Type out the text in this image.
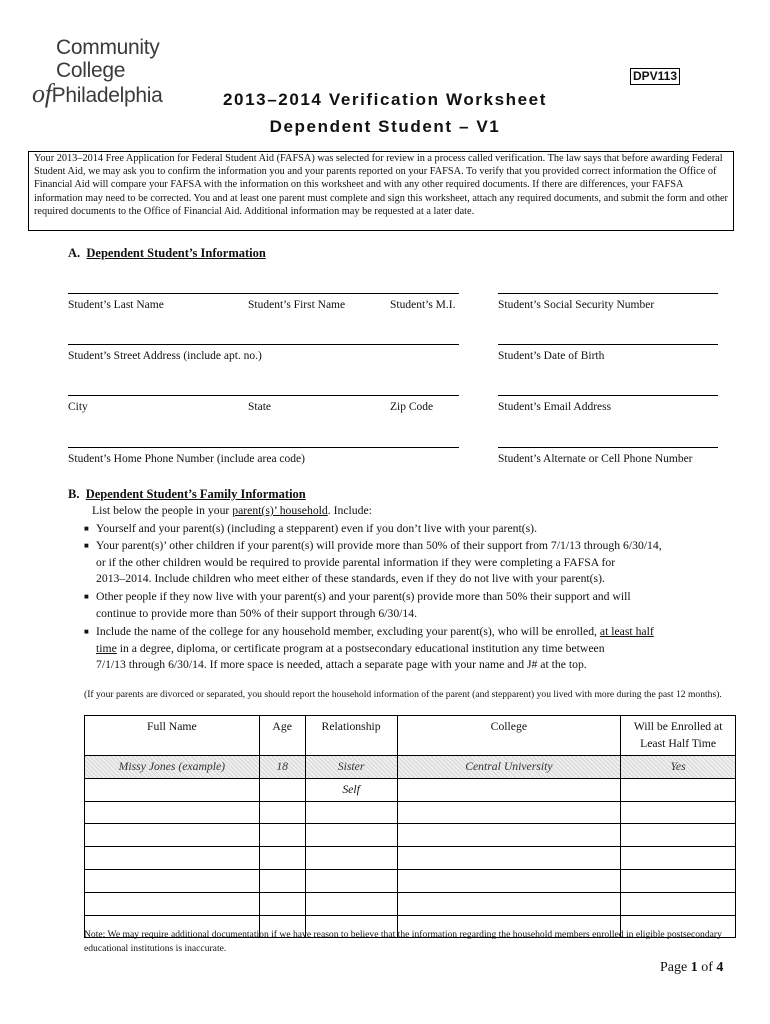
Community
College
ofPhiladelphia
DPV113
2013–2014 Verification Worksheet
Dependent Student – V1
Your 2013–2014 Free Application for Federal Student Aid (FAFSA) was selected for review in a process called verification. The law says that before awarding Federal Student Aid, we may ask you to confirm the information you and your parents reported on your FAFSA. To verify that you provided correct information the Office of Financial Aid will compare your FAFSA with the information on this worksheet and with any other required documents. If there are differences, your FAFSA information may need to be corrected. You and at least one parent must complete and sign this worksheet, attach any required documents, and submit the form and other required documents to the Office of Financial Aid. Additional information may be requested at a later date.
A. Dependent Student’s Information
Student’s Last Name	Student’s First Name	Student’s M.I.	Student’s Social Security Number
Student’s Street Address (include apt. no.)	Student’s Date of Birth
City	State	Zip Code	Student’s Email Address
Student’s Home Phone Number (include area code)	Student’s Alternate or Cell Phone Number
B. Dependent Student’s Family Information
List below the people in your parent(s)’ household. Include:
■ Yourself and your parent(s) (including a stepparent) even if you don’t live with your parent(s).
■ Your parent(s)’ other children if your parent(s) will provide more than 50% of their support from 7/1/13 through 6/30/14,
or if the other children would be required to provide parental information if they were completing a FAFSA for
2013–2014. Include children who meet either of these standards, even if they do not live with your parent(s).
■ Other people if they now live with your parent(s) and your parent(s) provide more than 50% their support and will
continue to provide more than 50% of their support through 6/30/14.
■ Include the name of the college for any household member, excluding your parent(s), who will be enrolled, at least half
time in a degree, diploma, or certificate program at a postsecondary educational institution any time between
7/1/13 through 6/30/14. If more space is needed, attach a separate page with your name and J# at the top.
(If your parents are divorced or separated, you should report the household information of the parent (and stepparent) you lived with more during the past 12 months).
Full Name	Age	Relationship	College	Will be Enrolled at
Least Half Time

Missy Jones (example)	18	Sister	Central University	Yes
		Self		

Note: We may require additional documentation if we have reason to believe that the information regarding the household members enrolled in eligible postsecondary educational institutions is inaccurate.
Page 1 of 4
